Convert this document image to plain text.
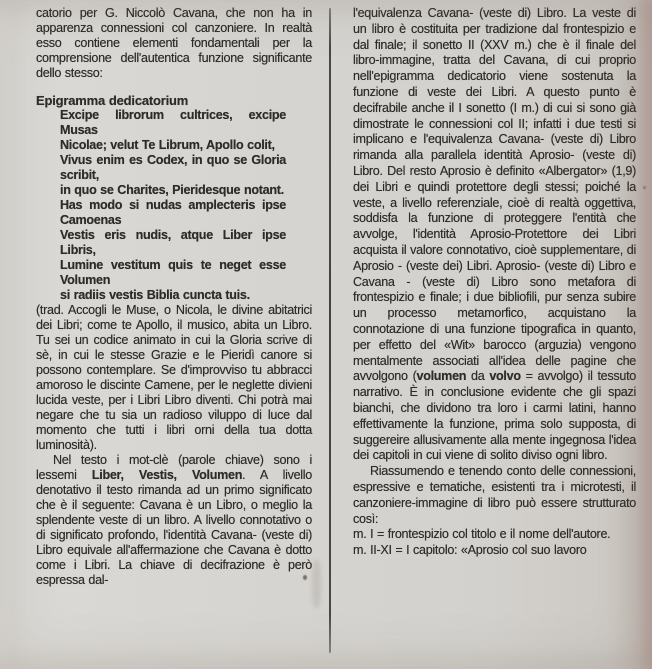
catorio per G. Niccolò Cavana, che non ha in apparenza connessioni col canzoniere. In realtà esso contiene elementi fondamentali per la comprensione dell'autentica funzione significante dello stesso:

Epigramma dedicatorium

Excipe librorum cultrices, excipe Musas
Nicolae; velut Te Librum, Apollo colit,
Vivus enim es Codex, in quo se Gloria scribit,
in quo se Charites, Pieridesque notant.
Has modo si nudas amplecteris ipse Camoenas
Vestis eris nudis, atque Liber ipse Libris,
Lumine vestitum quis te neget esse Volumen
si radiis vestis Biblia cuncta tuis.

(trad. Accogli le Muse, o Nicola, le divine abitatrici dei Libri; come te Apollo, il musico, abita un Libro. Tu sei un codice animato in cui la Gloria scrive di sè, in cui le stesse Grazie e le Pieridì canore si possono contemplare. Se d'improvviso tu abbracci amoroso le discinte Camene, per le neglette divieni lucida veste, per i Libri Libro diventi. Chi potrà mai negare che tu sia un radioso viluppo di luce dal momento che tutti i libri orni della tua dotta luminosità).

Nel testo i mot-clè (parole chiave) sono i lessemi Liber, Vestis, Volumen. A livello denotativo il testo rimanda ad un primo significato che è il seguente: Cavana è un Libro, o meglio la splendente veste di un libro. A livello connotativo o di significato profondo, l'identità Cavana- (veste di) Libro equivale all'affermazione che Cavana è dotto come i Libri. La chiave di decifrazione è però espressa dal-

l'equivalenza Cavana- (veste di) Libro. La veste di un libro è costituita per tradizione dal frontespizio e dal finale; il sonetto II (XXV m.) che è il finale del libro-immagine, tratta del Cavana, di cui proprio nell'epigramma dedicatorio viene sostenuta la funzione di veste dei Libri. A questo punto è decifrabile anche il I sonetto (I m.) di cui si sono già dimostrate le connessioni col II; infatti i due testi si implicano e l'equivalenza Cavana- (veste di) Libro rimanda alla parallela identità Aprosio- (veste di) Libro. Del resto Aprosio è definito «Albergator» (1,9) dei Libri e quindi protettore degli stessi; poiché la veste, a livello referenziale, cioè di realtà oggettiva, soddisfa la funzione di proteggere l'entità che avvolge, l'identità Aprosio-Protettore dei Libri acquista il valore connotativo, cioè supplementare, di Aprosio - (veste dei) Libri. Aprosio- (veste di) Libro e Cavana - (veste di) Libro sono metafora di frontespizio e finale; i due bibliofili, pur senza subire un processo metamorfico, acquistano la connotazione di una funzione tipografica in quanto, per effetto del «Wit» barocco (arguzia) vengono mentalmente associati all'idea delle pagine che avvolgono (volumen da volvo = avvolgo) il tessuto narrativo. È in conclusione evidente che gli spazi bianchi, che dividono tra loro i carmi latini, hanno effettivamente la funzione, prima solo supposta, di suggereire allusivamente alla mente ingegnosa l'idea dei capitoli in cui viene di solito diviso ogni libro.

Riassumendo e tenendo conto delle connessioni, espressive e tematiche, esistenti tra i microtesti, il canzoniere-immagine di libro può essere strutturato così:

m. I = frontespizio col titolo e il nome dell'autore.

m. II-XI = I capitolo: «Aprosio col suo lavoro
